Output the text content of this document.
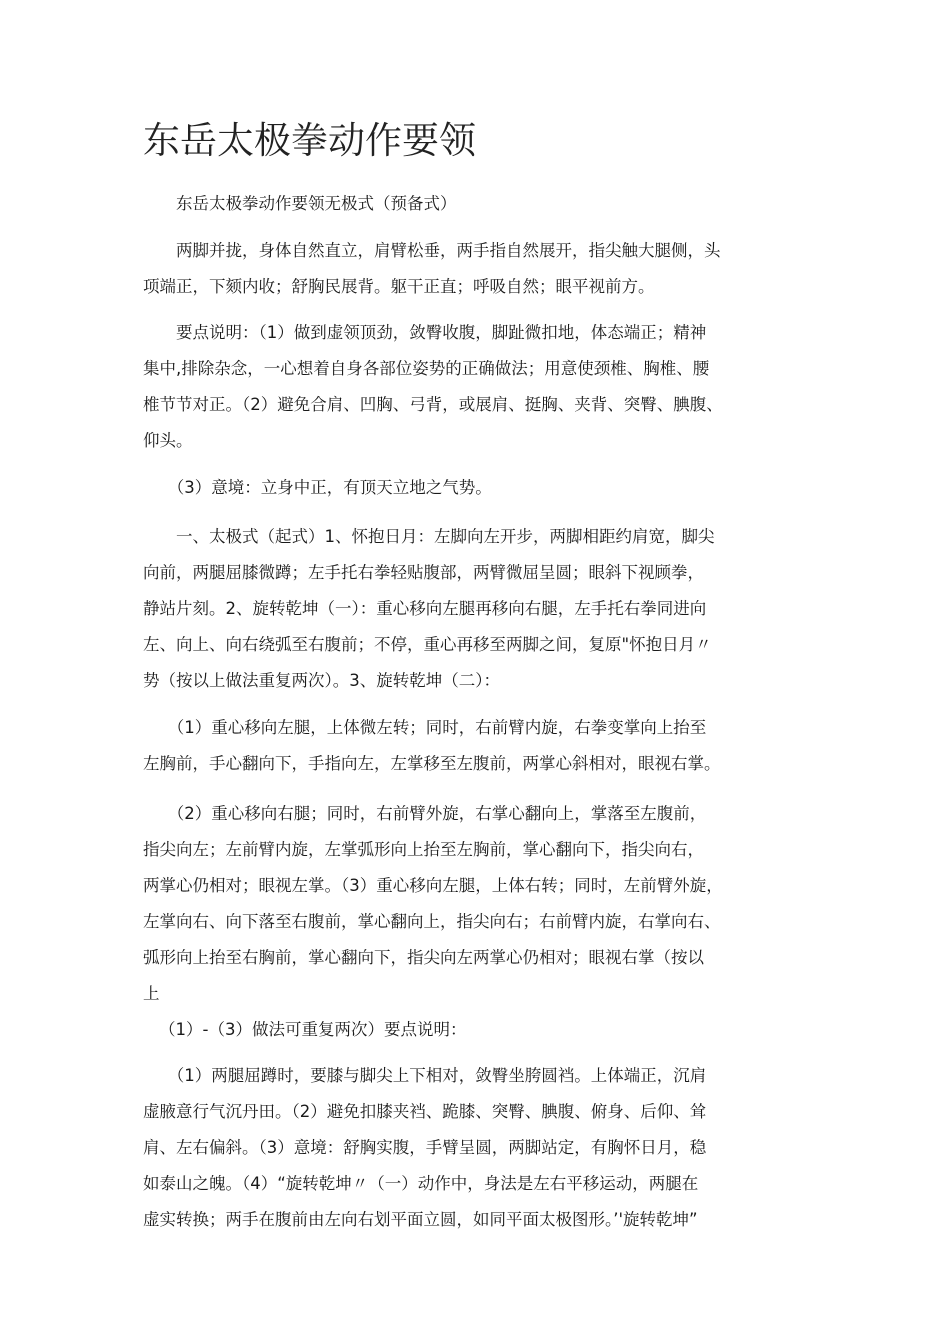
东岳太极拳动作要领

　　东岳太极拳动作要领无极式（预备式）

　　两脚并拢，身体自然直立，肩臂松垂，两手指自然展开，指尖触大腿侧，头
项端正，下颏内收；舒胸民展背。躯干正直；呼吸自然；眼平视前方。

　　要点说明：（1）做到虚领顶劲，敛臀收腹，脚趾微扣地，体态端正；精神
集中,排除杂念，一心想着自身各部位姿势的正确做法；用意使颈椎、胸椎、腰
椎节节对正。（2）避免合肩、凹胸、弓背，或展肩、挺胸、夹背、突臀、腆腹、
仰头。

　　（3）意境：立身中正，有顶天立地之气势。

　　一、太极式（起式）1、怀抱日月：左脚向左开步，两脚相距约肩宽，脚尖
向前，两腿屈膝微蹲；左手托右拳轻贴腹部，两臂微屈呈圆；眼斜下视顾拳，
静站片刻。2、旋转乾坤（一）：重心移向左腿再移向右腿，左手托右拳同进向
左、向上、向右绕弧至右腹前；不停，重心再移至两脚之间，复原"怀抱日月〃
势（按以上做法重复两次）。3、旋转乾坤（二）：

　　（1）重心移向左腿，上体微左转；同时，右前臂内旋，右拳变掌向上抬至
左胸前，手心翻向下，手指向左，左掌移至左腹前，两掌心斜相对，眼视右掌。

　　（2）重心移向右腿；同时，右前臂外旋，右掌心翻向上，掌落至左腹前，
指尖向左；左前臂内旋，左掌弧形向上抬至左胸前，掌心翻向下，指尖向右，
两掌心仍相对；眼视左掌。（3）重心移向左腿，上体右转；同时，左前臂外旋，
左掌向右、向下落至右腹前，掌心翻向上，指尖向右；右前臂内旋，右掌向右、
弧形向上抬至右胸前，掌心翻向下，指尖向左两掌心仍相对；眼视右掌（按以
上
（1）-（3）做法可重复两次）要点说明：

　　（1）两腿屈蹲时，要膝与脚尖上下相对，敛臀坐胯圆裆。上体端正，沉肩
虚腋意行气沉丹田。（2）避免扣膝夹裆、跪膝、突臀、腆腹、俯身、后仰、耸
肩、左右偏斜。（3）意境：舒胸实腹，手臂呈圆，两脚站定，有胸怀日月，稳
如泰山之魄。（4）“旋转乾坤〃（一）动作中，身法是左右平移运动，两腿在
虚实转换；两手在腹前由左向右划平面立圆，如同平面太极图形。’'旋转乾坤”
